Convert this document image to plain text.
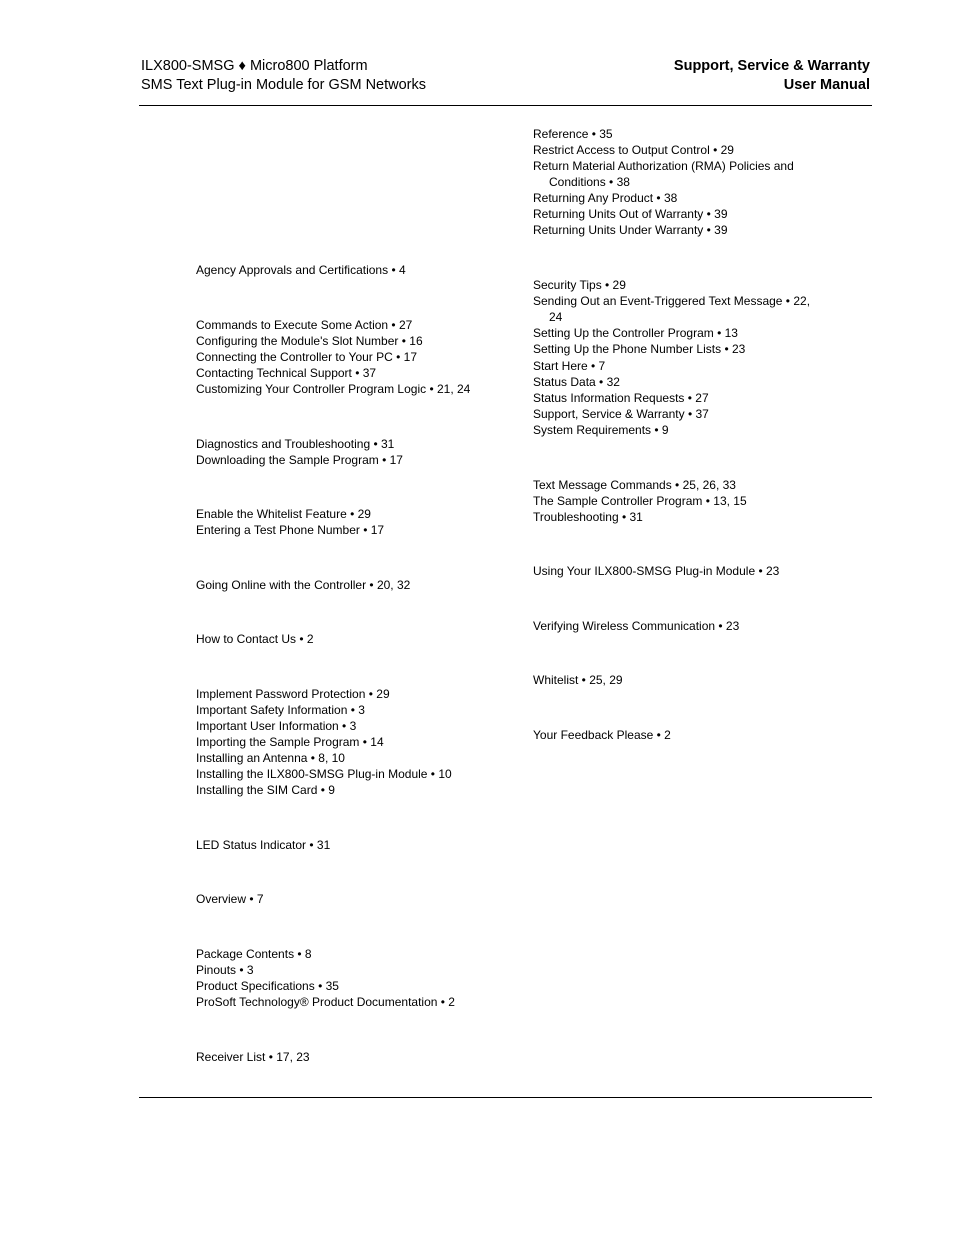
ILX800-SMSG ♦ Micro800 Platform
SMS Text Plug-in Module for GSM Networks
Support, Service & Warranty
User Manual
Agency Approvals and Certifications • 4
Commands to Execute Some Action • 27
Configuring the Module's Slot Number • 16
Connecting the Controller to Your PC • 17
Contacting Technical Support • 37
Customizing Your Controller Program Logic • 21, 24
Diagnostics and Troubleshooting • 31
Downloading the Sample Program • 17
Enable the Whitelist Feature • 29
Entering a Test Phone Number • 17
Going Online with the Controller • 20, 32
How to Contact Us • 2
Implement Password Protection • 29
Important Safety Information • 3
Important User Information • 3
Importing the Sample Program • 14
Installing an Antenna • 8, 10
Installing the ILX800-SMSG Plug-in Module • 10
Installing the SIM Card • 9
LED Status Indicator • 31
Overview • 7
Package Contents • 8
Pinouts • 3
Product Specifications • 35
ProSoft Technology® Product Documentation • 2
Receiver List • 17, 23
Reference • 35
Restrict Access to Output Control • 29
Return Material Authorization (RMA) Policies and
Conditions • 38
Returning Any Product • 38
Returning Units Out of Warranty • 39
Returning Units Under Warranty • 39
Security Tips • 29
Sending Out an Event-Triggered Text Message • 22,
24
Setting Up the Controller Program • 13
Setting Up the Phone Number Lists • 23
Start Here • 7
Status Data • 32
Status Information Requests • 27
Support, Service & Warranty • 37
System Requirements • 9
Text Message Commands • 25, 26, 33
The Sample Controller Program • 13, 15
Troubleshooting • 31
Using Your ILX800-SMSG Plug-in Module • 23
Verifying Wireless Communication • 23
Whitelist • 25, 29
Your Feedback Please • 2
